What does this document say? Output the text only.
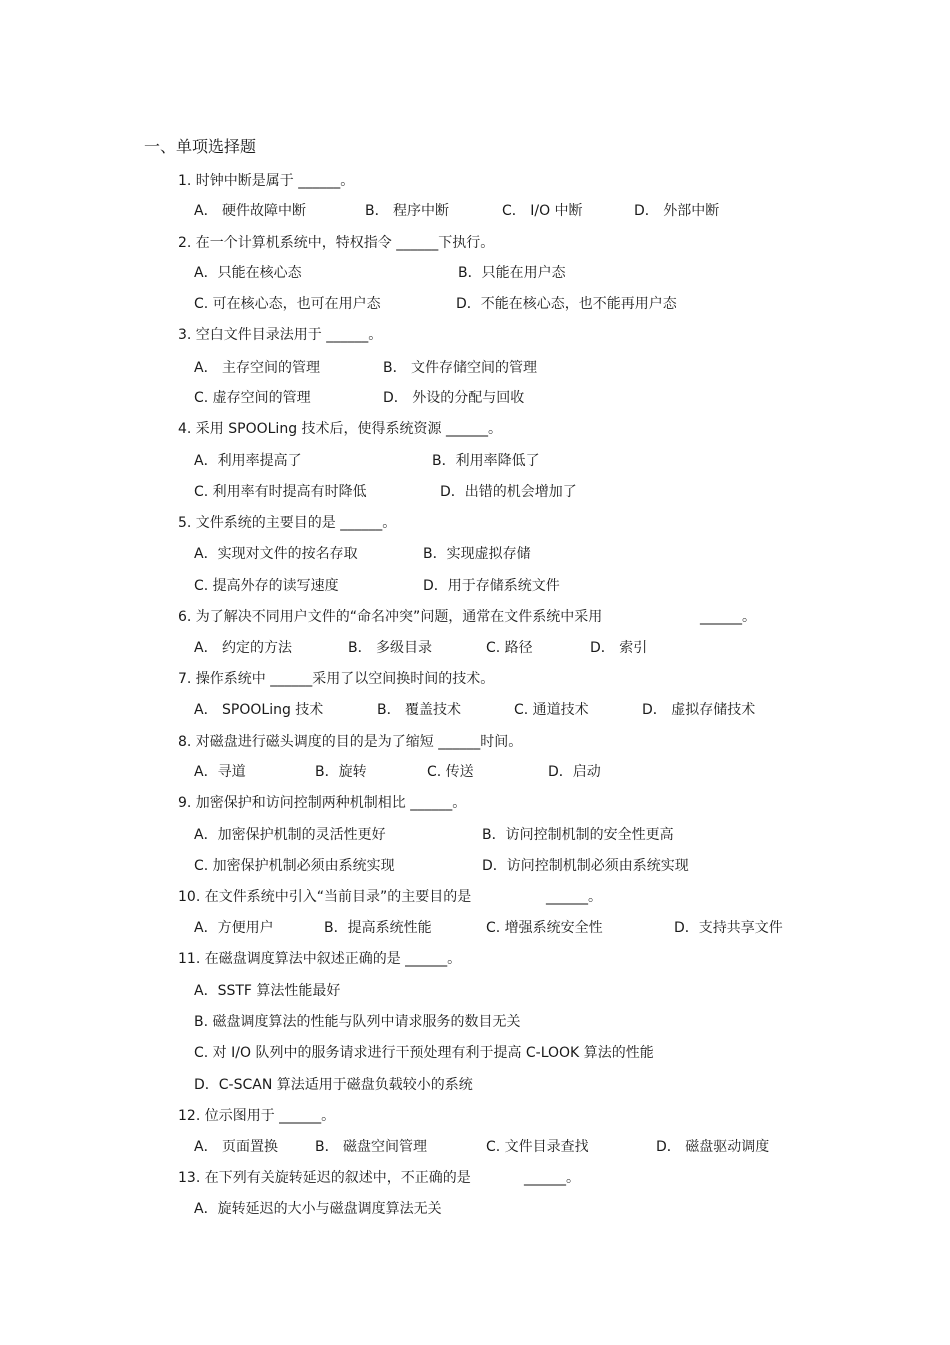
一、单项选择题
1. 时钟中断是属于 ______。
A． 硬件故障中断	B． 程序中断	C． I/O 中断	D． 外部中断
2. 在一个计算机系统中，特权指令 ______下执行。
A．只能在核心态	B．只能在用户态
C. 可在核心态，也可在用户态	D．不能在核心态，也不能再用户态
3. 空白文件目录法用于 ______。
A． 主存空间的管理	B． 文件存储空间的管理
C. 虚存空间的管理	D． 外设的分配与回收
4. 采用 SPOOLing 技术后，使得系统资源 ______。
A．利用率提高了	B．利用率降低了
C. 利用率有时提高有时降低	D．出错的机会增加了
5. 文件系统的主要目的是 ______。
A．实现对文件的按名存取	B．实现虚拟存储
C. 提高外存的读写速度	D．用于存储系统文件
6. 为了解决不同用户文件的“命名冲突”问题，通常在文件系统中采用	______。
A． 约定的方法	B． 多级目录	C. 路径	D． 索引
7. 操作系统中 ______采用了以空间换时间的技术。
A． SPOOLing 技术	B． 覆盖技术	C. 通道技术	D． 虚拟存储技术
8. 对磁盘进行磁头调度的目的是为了缩短 ______时间。
A．寻道	B．旋转	C. 传送	D．启动
9. 加密保护和访问控制两种机制相比 ______。
A．加密保护机制的灵活性更好	B．访问控制机制的安全性更高
C. 加密保护机制必须由系统实现	D．访问控制机制必须由系统实现
10. 在文件系统中引入“当前目录”的主要目的是	______。
A．方便用户	B．提高系统性能	C. 增强系统安全性	D．支持共享文件
11. 在磁盘调度算法中叙述正确的是 ______。
A．SSTF 算法性能最好
B. 磁盘调度算法的性能与队列中请求服务的数目无关
C. 对 I/O 队列中的服务请求进行干预处理有利于提高 C-LOOK 算法的性能
D．C-SCAN 算法适用于磁盘负载较小的系统
12. 位示图用于 ______。
A． 页面置换	B． 磁盘空间管理	C. 文件目录查找	D． 磁盘驱动调度
13. 在下列有关旋转延迟的叙述中，不正确的是	______。
A．旋转延迟的大小与磁盘调度算法无关
